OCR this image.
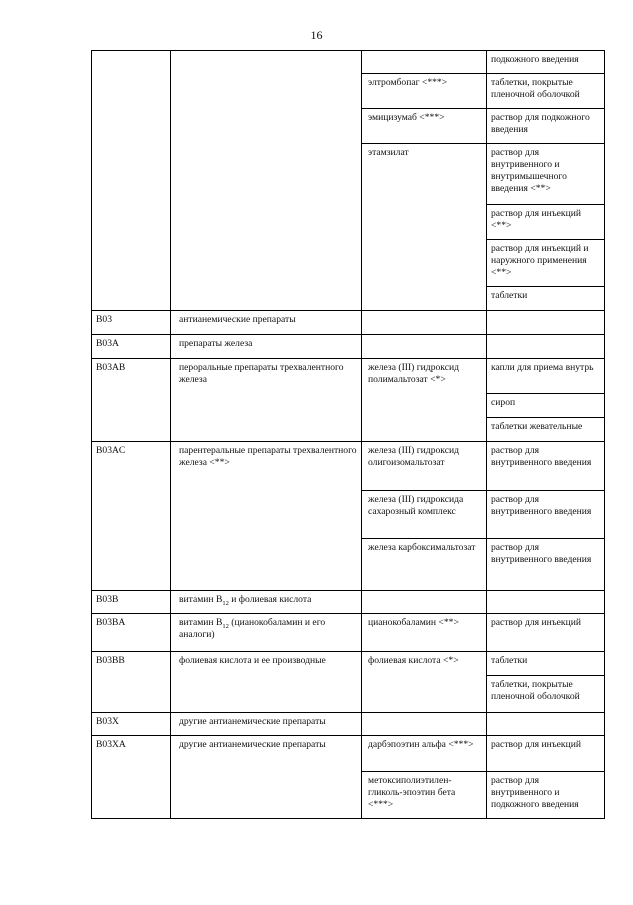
16
			подкожного введения
		элтромбопаг <***>	таблетки, покрытые пленочной оболочкой
		эмицизумаб <***>	раствор для подкожного введения
		этамзилат	раствор для внутривенного и внутримышечного введения <**>
			раствор для инъекций <**>
			раствор для инъекций и наружного применения <**>
			таблетки
B03	антианемические препараты		
B03A	препараты железа		
B03AB	пероральные препараты трехвалентного железа	железа (III) гидроксид полимальтозат <*>	капли для приема внутрь
			сироп
			таблетки жевательные
B03AC	парентеральные препараты трехвалентного железа <**>	железа (III) гидроксид олигоизомальтозат	раствор для внутривенного введения
		железа (III) гидроксида сахарозный комплекс	раствор для внутривенного введения
		железа карбоксимальтозат	раствор для внутривенного введения
B03B	витамин $B_{12}$ и фолиевая кислота		
B03BA	витамин $B_{12}$ (цианокобаламин и его аналоги)	цианокобаламин <**>	раствор для инъекций
B03BB	фолиевая кислота и ее производные	фолиевая кислота <*>	таблетки
			таблетки, покрытые пленочной оболочкой
B03X	другие антианемические препараты		
B03XA	другие антианемические препараты	дарбэпоэтин альфа <***>	раствор для инъекций
		метоксиполиэтилен-гликоль-эпоэтин бета <***>	раствор для внутривенного и подкожного введения
